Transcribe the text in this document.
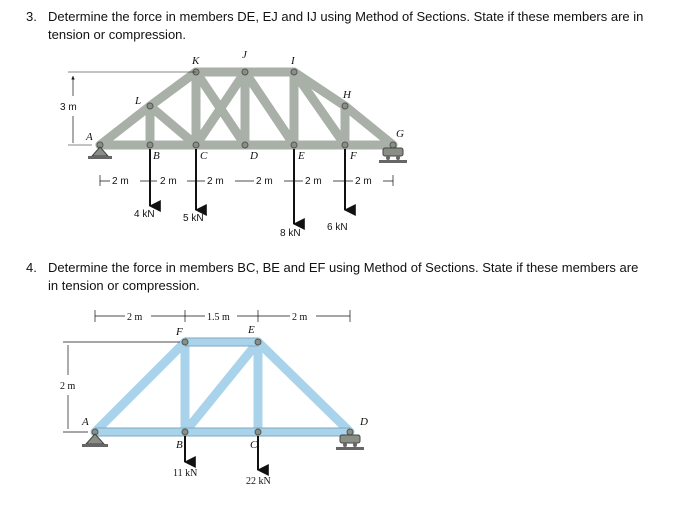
3. Determine the force in members DE, EJ and IJ using Method of Sections. State if these members are in
tension or compression.
4. Determine the force in members BC, BE and EF using Method of Sections. State if these members are
in tension or compression.
3 m
K	J	I
H
L
A	G
B	C	D	E	F
2 m	2 m	2 m	2 m	2 m	2 m
4 kN	5 kN
8 kN
6 kN
2 m	1.5 m	2 m
2 m
F	E
A
B	C
D
11 kN
22 kN
